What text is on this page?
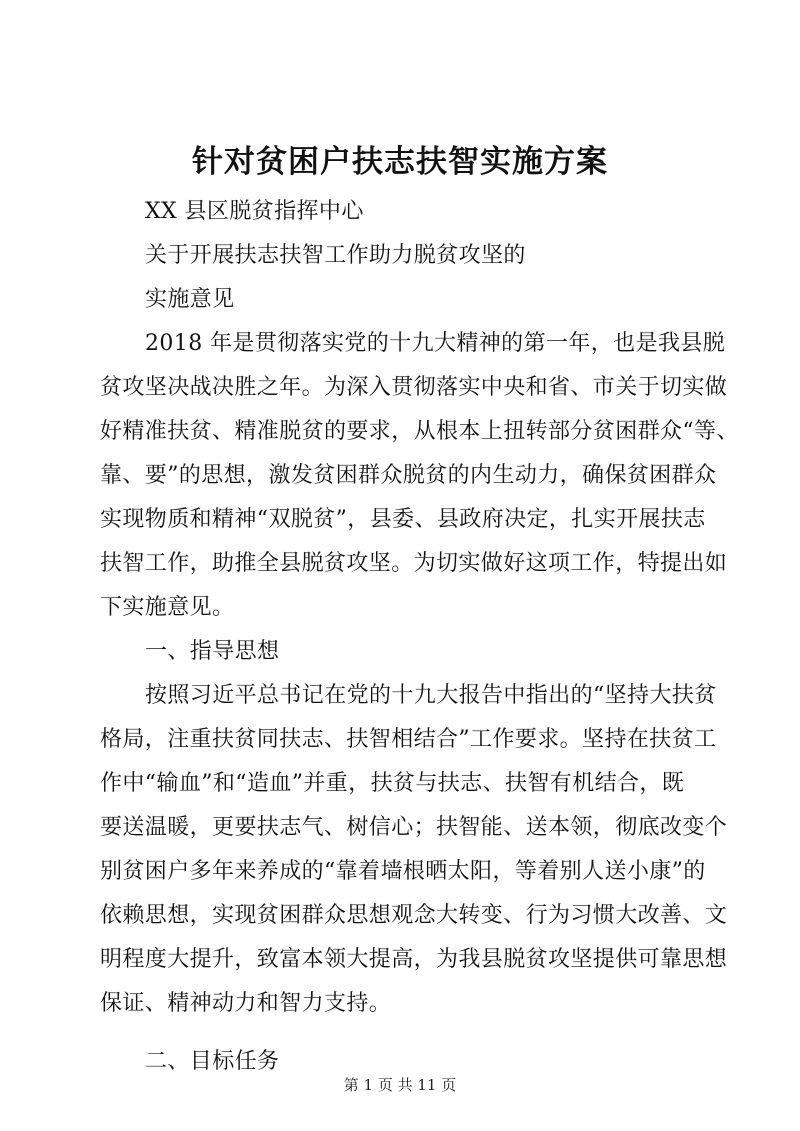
针对贫困户扶志扶智实施方案

XX 县区脱贫指挥中心

关于开展扶志扶智工作助力脱贫攻坚的

实施意见

2018 年是贯彻落实党的十九大精神的第一年，也是我县脱

贫攻坚决战决胜之年。为深入贯彻落实中央和省、市关于切实做

好精准扶贫、精准脱贫的要求，从根本上扭转部分贫困群众“等、

靠、要”的思想，激发贫困群众脱贫的内生动力，确保贫困群众

实现物质和精神“双脱贫”，县委、县政府决定，扎实开展扶志

扶智工作，助推全县脱贫攻坚。为切实做好这项工作，特提出如

下实施意见。

一、指导思想

按照习近平总书记在党的十九大报告中指出的“坚持大扶贫

格局，注重扶贫同扶志、扶智相结合”工作要求。坚持在扶贫工

作中“输血”和“造血”并重，扶贫与扶志、扶智有机结合，既

要送温暖，更要扶志气、树信心；扶智能、送本领，彻底改变个

别贫困户多年来养成的“靠着墙根晒太阳，等着别人送小康”的

依赖思想，实现贫困群众思想观念大转变、行为习惯大改善、文

明程度大提升，致富本领大提高，为我县脱贫攻坚提供可靠思想

保证、精神动力和智力支持。

二、目标任务

第 1 页 共 11 页
